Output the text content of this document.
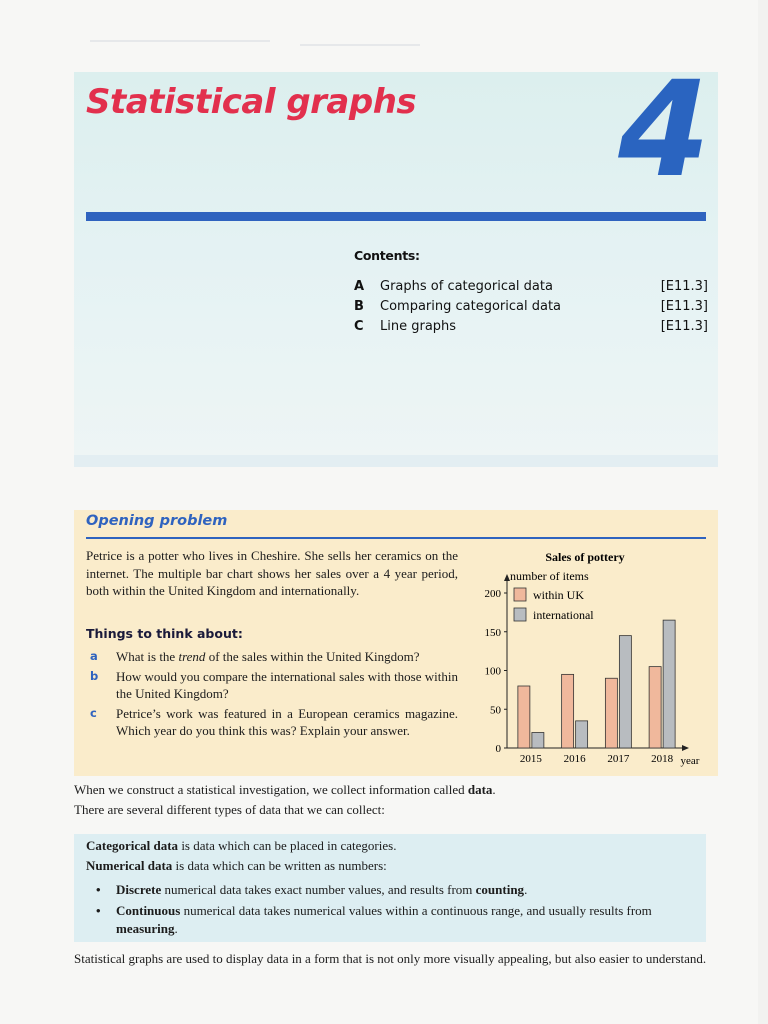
Statistical graphs 4
Contents:
A	Graphs of categorical data	[E11.3]
B	Comparing categorical data	[E11.3]
C	Line graphs	[E11.3]
Opening problem
Petrice is a potter who lives in Cheshire. She sells her ceramics on the internet. The multiple bar chart shows her sales over a 4 year period, both within the United Kingdom and internationally.
Things to think about:
a	What is the trend of the sales within the United Kingdom?
b	How would you compare the international sales with those within the United Kingdom?
c	Petrice’s work was featured in a European ceramics magazine. Which year do you think this was? Explain your answer.
Sales of pottery
number of items
0
50
100
150
200	within UK
international
2015 2016 2017 2018 year
When we construct a statistical investigation, we collect information called data.
There are several different types of data that we can collect:
Categorical data is data which can be placed in categories.
Numerical data is data which can be written as numbers:
•	Discrete numerical data takes exact number values, and results from counting.
•	Continuous numerical data takes numerical values within a continuous range, and usually results from measuring.
Statistical graphs are used to display data in a form that is not only more visually appealing, but also easier to understand.
